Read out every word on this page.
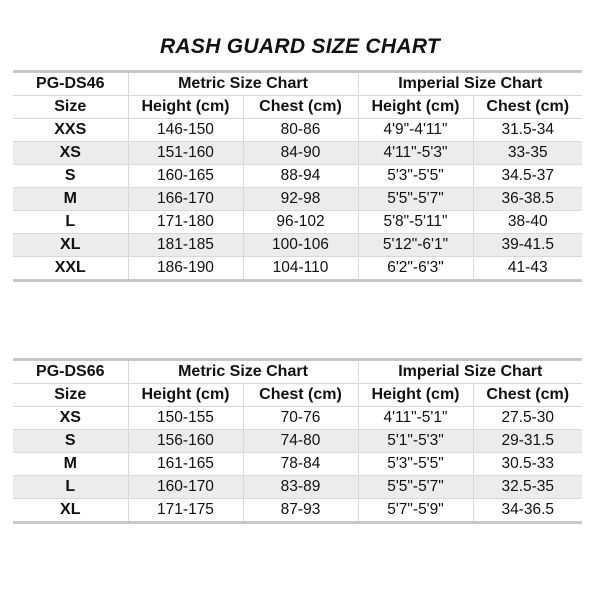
RASH GUARD SIZE CHART
PG-DS46	Metric Size Chart		Imperial Size Chart	
Size	Height (cm)	Chest (cm)	Height (cm)	Chest (cm)
XXS	146-150	80-86	4'9"-4'11"	31.5-34
XS	151-160	84-90	4'11"-5'3"	33-35
S	160-165	88-94	5'3"-5'5"	34.5-37
M	166-170	92-98	5'5"-5'7"	36-38.5
L	171-180	96-102	5'8"-5'11"	38-40
XL	181-185	100-106	5'12"-6'1"	39-41.5
XXL	186-190	104-110	6'2"-6'3"	41-43
PG-DS66	Metric Size Chart		Imperial Size Chart	
Size	Height (cm)	Chest (cm)	Height (cm)	Chest (cm)
XS	150-155	70-76	4'11"-5'1"	27.5-30
S	156-160	74-80	5'1"-5'3"	29-31.5
M	161-165	78-84	5'3"-5'5"	30.5-33
L	160-170	83-89	5'5"-5'7"	32.5-35
XL	171-175	87-93	5'7"-5'9"	34-36.5
